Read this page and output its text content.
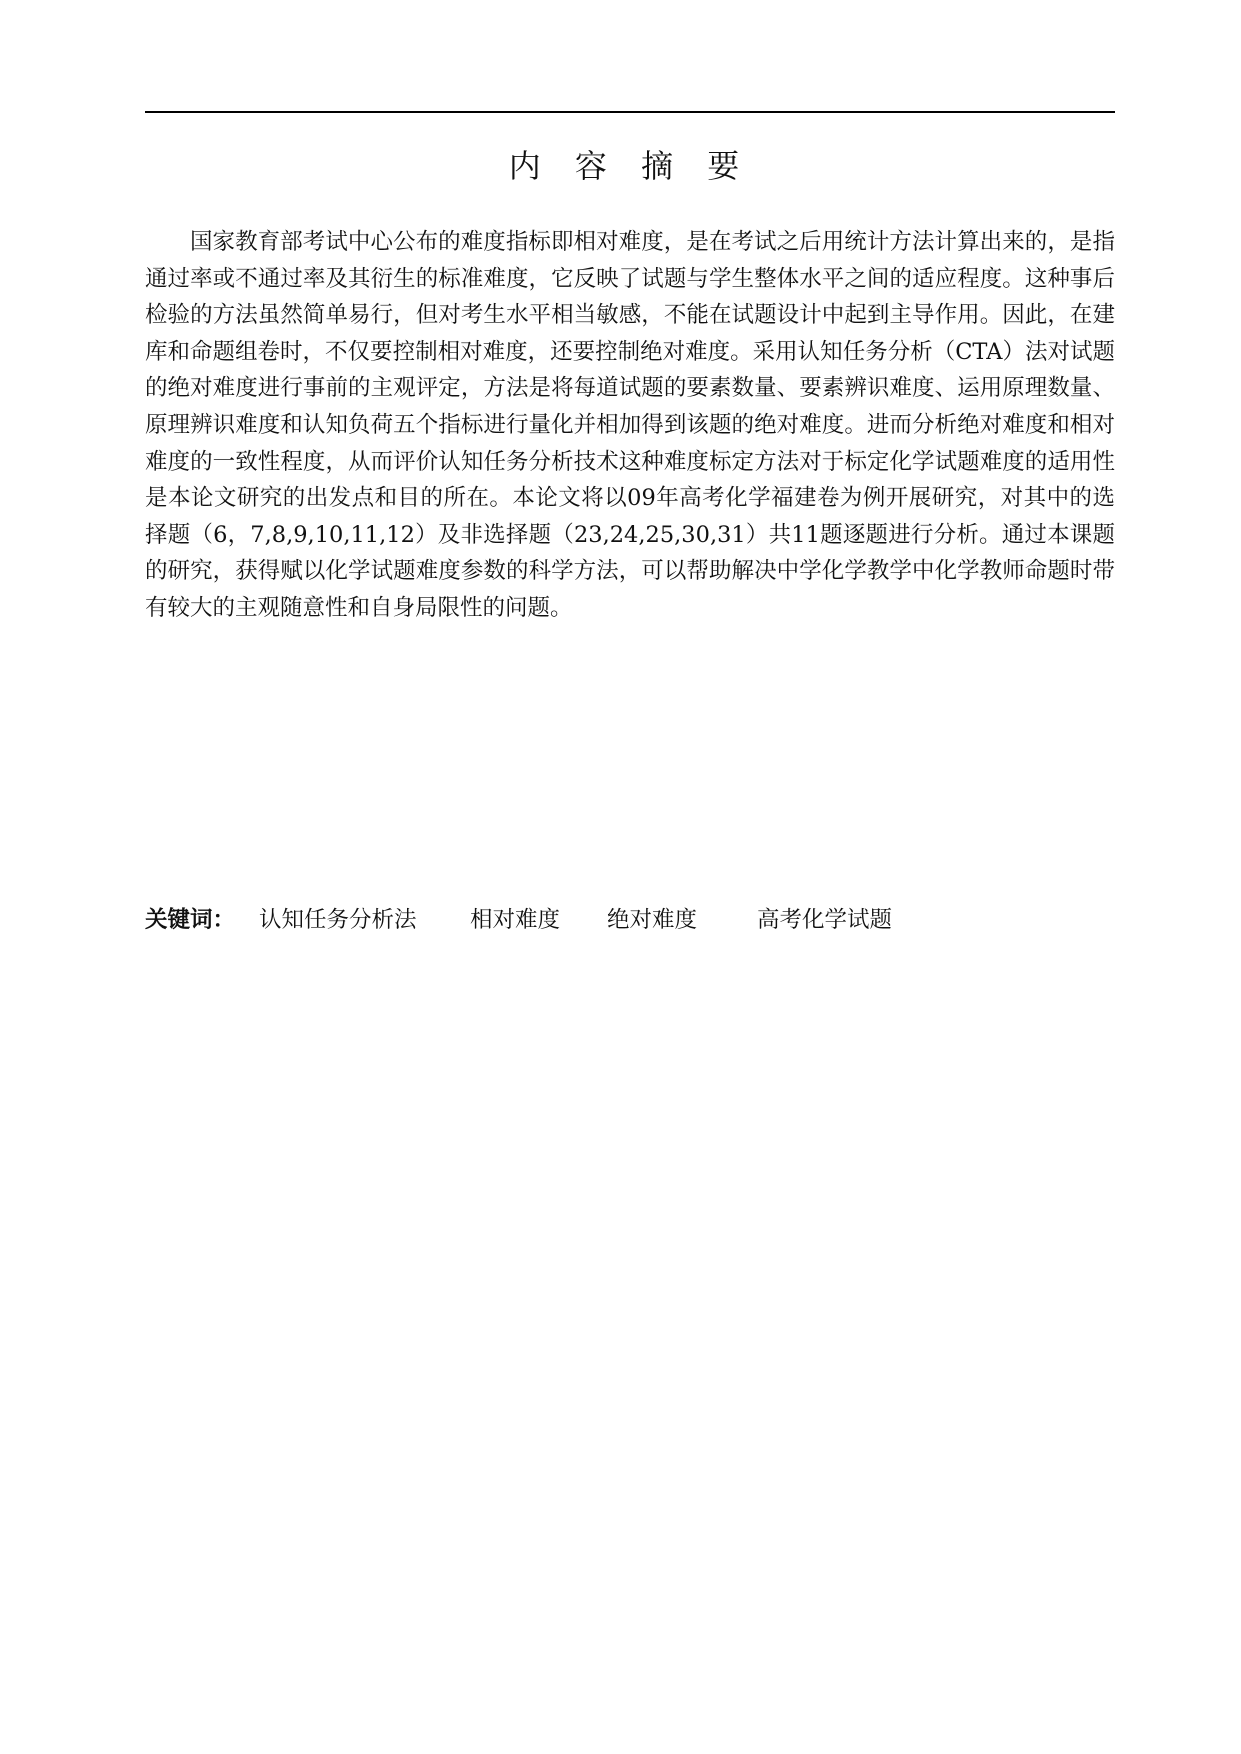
内 容 摘 要

国家教育部考试中心公布的难度指标即相对难度，是在考试之后用统计方法计算出来的，是指通过率或不通过率及其衍生的标准难度，它反映了试题与学生整体水平之间的适应程度。这种事后检验的方法虽然简单易行，但对考生水平相当敏感，不能在试题设计中起到主导作用。因此，在建库和命题组卷时，不仅要控制相对难度，还要控制绝对难度。采用认知任务分析（CTA）法对试题的绝对难度进行事前的主观评定，方法是将每道试题的要素数量、要素辨识难度、运用原理数量、原理辨识难度和认知负荷五个指标进行量化并相加得到该题的绝对难度。进而分析绝对难度和相对难度的一致性程度，从而评价认知任务分析技术这种难度标定方法对于标定化学试题难度的适用性是本论文研究的出发点和目的所在。本论文将以09年高考化学福建卷为例开展研究，对其中的选择题（6，7,8,9,10,11,12）及非选择题（23,24,25,30,31）共11题逐题进行分析。通过本课题的研究，获得赋以化学试题难度参数的科学方法，可以帮助解决中学化学教学中化学教师命题时带有较大的主观随意性和自身局限性的问题。

关键词： 认知任务分析法 相对难度 绝对难度	高考化学试题
